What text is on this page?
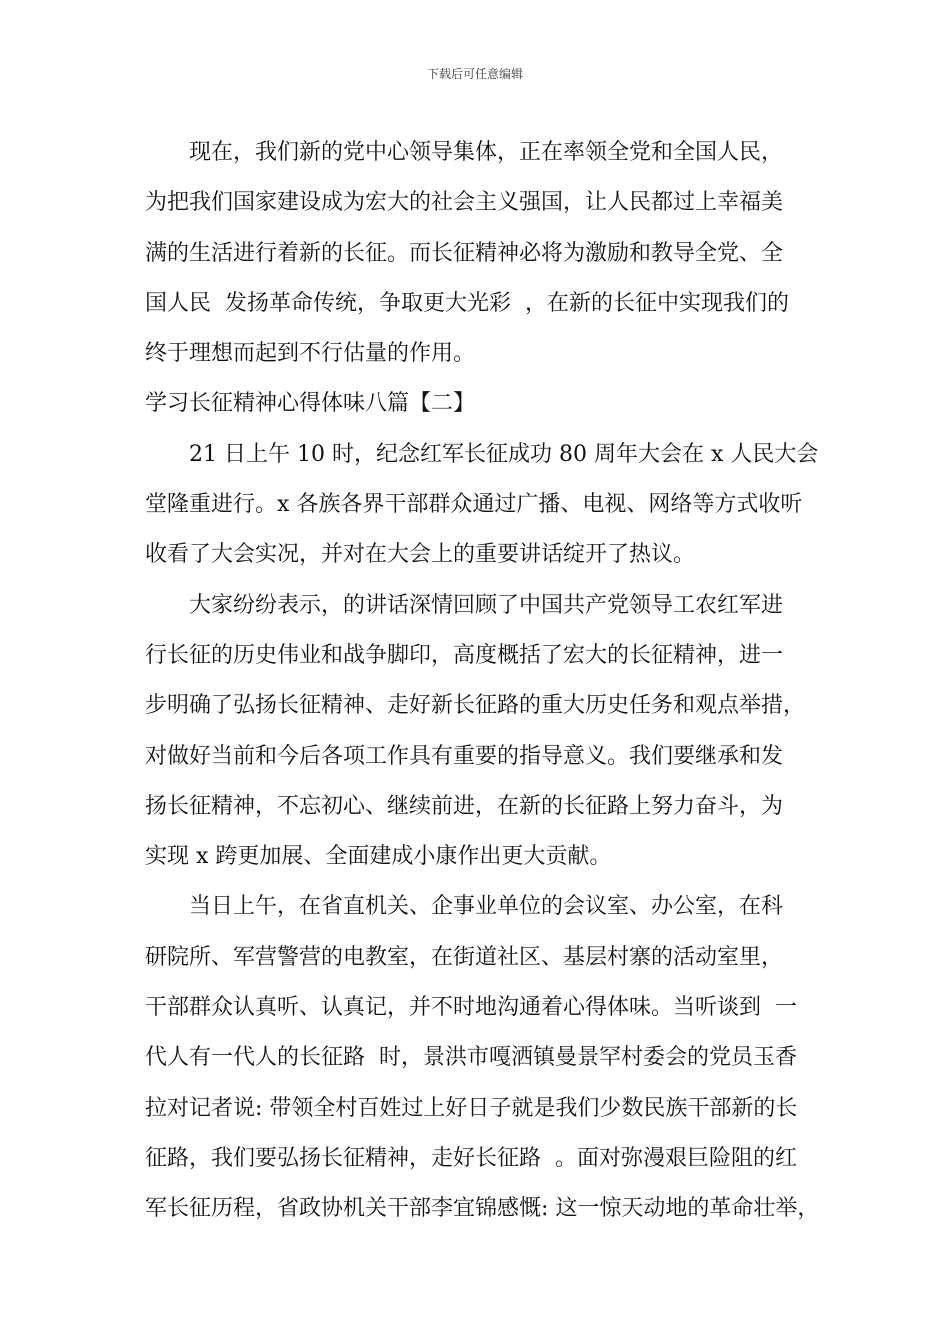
下载后可任意编辑
现在，我们新的党中心领导集体，正在率领全党和全国人民，
为把我们国家建设成为宏大的社会主义强国，让人民都过上幸福美
满的生活进行着新的长征。而长征精神必将为激励和教导全党、全
国人民  发扬革命传统，争取更大光彩  ，在新的长征中实现我们的
终于理想而起到不行估量的作用。
学习长征精神心得体味八篇【二】
21 日上午 10 时，纪念红军长征成功 80 周年大会在 x 人民大会
堂隆重进行。x 各族各界干部群众通过广播、电视、网络等方式收听
收看了大会实况，并对在大会上的重要讲话绽开了热议。
大家纷纷表示，的讲话深情回顾了中国共产党领导工农红军进
行长征的历史伟业和战争脚印，高度概括了宏大的长征精神，进一
步明确了弘扬长征精神、走好新长征路的重大历史任务和观点举措，
对做好当前和今后各项工作具有重要的指导意义。我们要继承和发
扬长征精神，不忘初心、继续前进，在新的长征路上努力奋斗，为
实现 x 跨更加展、全面建成小康作出更大贡献。
当日上午，在省直机关、企事业单位的会议室、办公室，在科
研院所、军营警营的电教室，在街道社区、基层村寨的活动室里，
干部群众认真听、认真记，并不时地沟通着心得体味。当听谈到  一
代人有一代人的长征路  时，景洪市嘎洒镇曼景罕村委会的党员玉香
拉对记者说: 带领全村百姓过上好日子就是我们少数民族干部新的长
征路，我们要弘扬长征精神，走好长征路  。面对弥漫艰巨险阻的红
军长征历程，省政协机关干部李宜锦感慨: 这一惊天动地的革命壮举，
